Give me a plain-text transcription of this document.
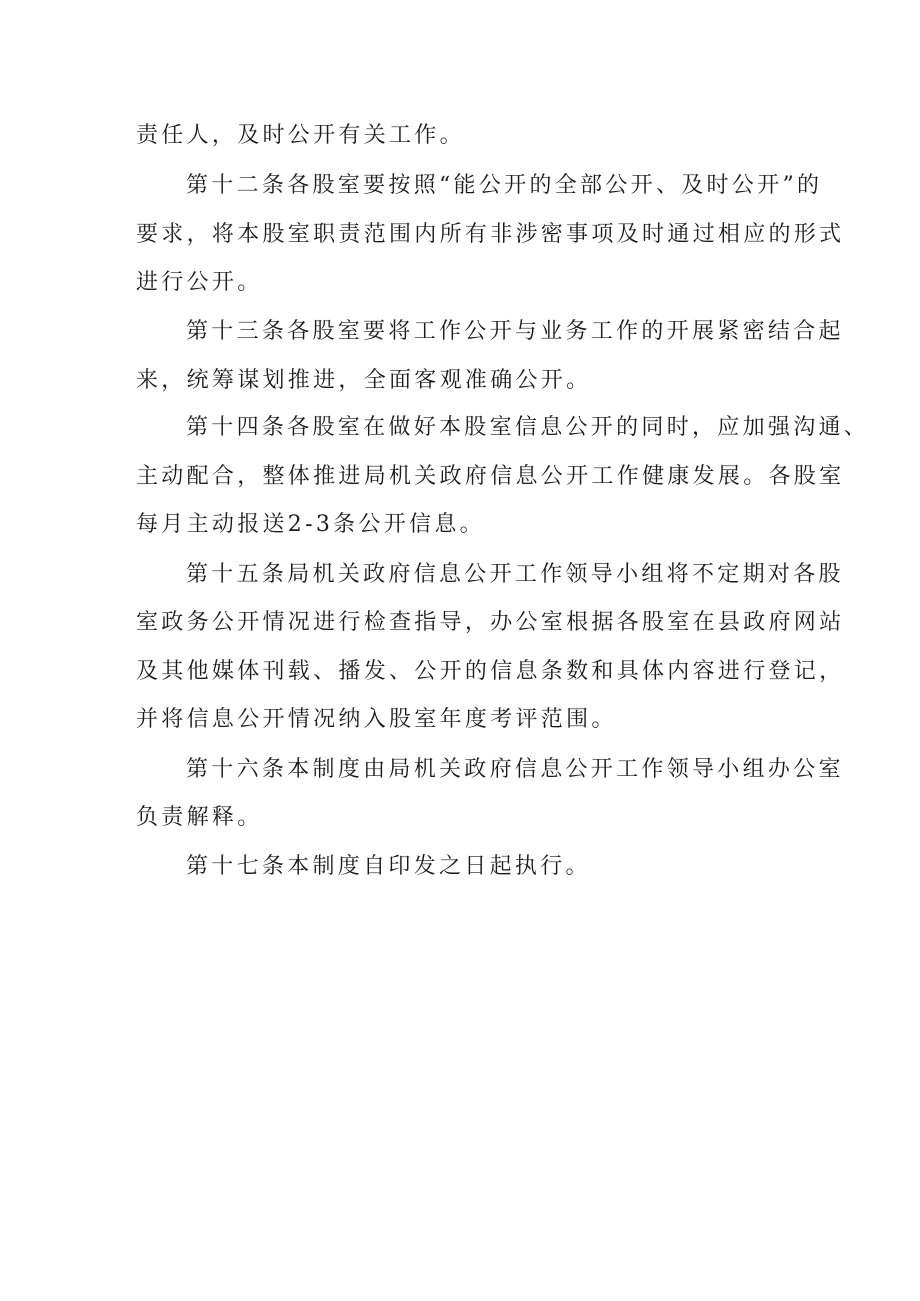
责任人，及时公开有关工作。
第十二条各股室要按照“能公开的全部公开、及时公开”的
要求，将本股室职责范围内所有非涉密事项及时通过相应的形式
进行公开。
第十三条各股室要将工作公开与业务工作的开展紧密结合起
来，统筹谋划推进，全面客观准确公开。
第十四条各股室在做好本股室信息公开的同时，应加强沟通、
主动配合，整体推进局机关政府信息公开工作健康发展。各股室
每月主动报送2-3条公开信息。
第十五条局机关政府信息公开工作领导小组将不定期对各股
室政务公开情况进行检查指导，办公室根据各股室在县政府网站
及其他媒体刊载、播发、公开的信息条数和具体内容进行登记，
并将信息公开情况纳入股室年度考评范围。
第十六条本制度由局机关政府信息公开工作领导小组办公室
负责解释。
第十七条本制度自印发之日起执行。
